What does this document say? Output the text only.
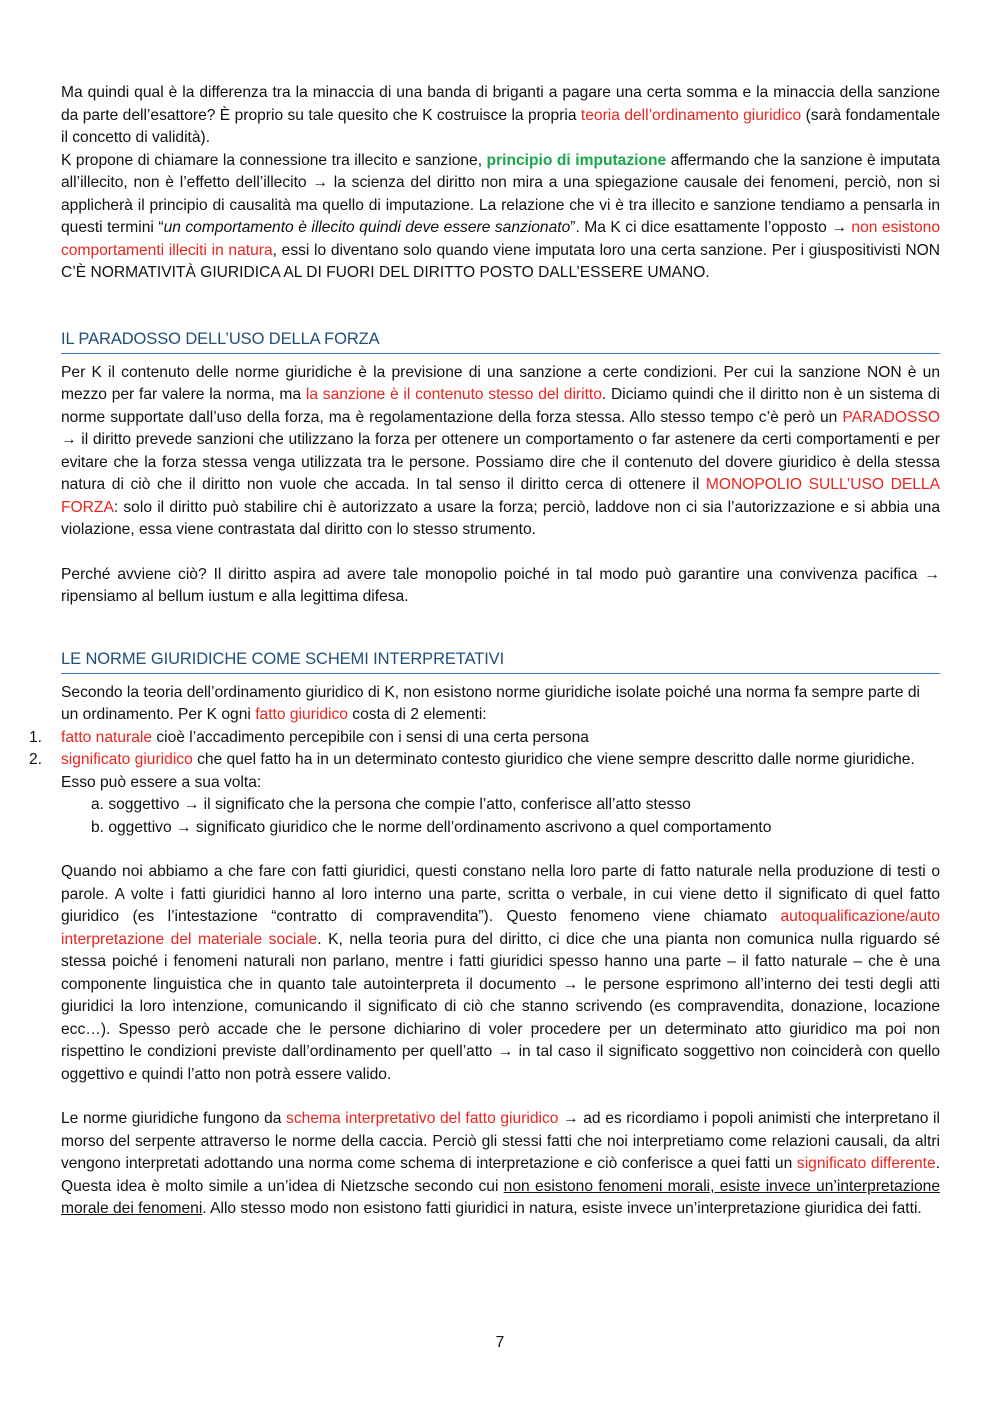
Ma quindi qual è la differenza tra la minaccia di una banda di briganti a pagare una certa somma e la minaccia della sanzione da parte dell’esattore? È proprio su tale quesito che K costruisce la propria teoria dell’ordinamento giuridico (sarà fondamentale il concetto di validità).

K propone di chiamare la connessione tra illecito e sanzione, principio di imputazione affermando che la sanzione è imputata all’illecito, non è l’effetto dell’illecito → la scienza del diritto non mira a una spiegazione causale dei fenomeni, perciò, non si applicherà il principio di causalità ma quello di imputazione. La relazione che vi è tra illecito e sanzione tendiamo a pensarla in questi termini “un comportamento è illecito quindi deve essere sanzionato”. Ma K ci dice esattamente l’opposto → non esistono comportamenti illeciti in natura, essi lo diventano solo quando viene imputata loro una certa sanzione. Per i giuspositivisti NON C’È NORMATIVITÀ GIURIDICA AL DI FUORI DEL DIRITTO POSTO DALL’ESSERE UMANO.

IL PARADOSSO DELL’USO DELLA FORZA

Per K il contenuto delle norme giuridiche è la previsione di una sanzione a certe condizioni. Per cui la sanzione NON è un mezzo per far valere la norma, ma la sanzione è il contenuto stesso del diritto. Diciamo quindi che il diritto non è un sistema di norme supportate dall’uso della forza, ma è regolamentazione della forza stessa. Allo stesso tempo c’è però un PARADOSSO → il diritto prevede sanzioni che utilizzano la forza per ottenere un comportamento o far astenere da certi comportamenti e per evitare che la forza stessa venga utilizzata tra le persone. Possiamo dire che il contenuto del dovere giuridico è della stessa natura di ciò che il diritto non vuole che accada. In tal senso il diritto cerca di ottenere il MONOPOLIO SULL’USO DELLA FORZA: solo il diritto può stabilire chi è autorizzato a usare la forza; perciò, laddove non ci sia l’autorizzazione e si abbia una violazione, essa viene contrastata dal diritto con lo stesso strumento.

Perché avviene ciò? Il diritto aspira ad avere tale monopolio poiché in tal modo può garantire una convivenza pacifica → ripensiamo al bellum iustum e alla legittima difesa.

LE NORME GIURIDICHE COME SCHEMI INTERPRETATIVI

Secondo la teoria dell’ordinamento giuridico di K, non esistono norme giuridiche isolate poiché una norma fa sempre parte di un ordinamento. Per K ogni fatto giuridico costa di 2 elementi:

1. fatto naturale cioè l’accadimento percepibile con i sensi di una certa persona

2. significato giuridico che quel fatto ha in un determinato contesto giuridico che viene sempre descritto dalle norme giuridiche. Esso può essere a sua volta:

a. soggettivo → il significato che la persona che compie l’atto, conferisce all’atto stesso

b. oggettivo → significato giuridico che le norme dell’ordinamento ascrivono a quel comportamento

Quando noi abbiamo a che fare con fatti giuridici, questi constano nella loro parte di fatto naturale nella produzione di testi o parole. A volte i fatti giuridici hanno al loro interno una parte, scritta o verbale, in cui viene detto il significato di quel fatto giuridico (es l’intestazione “contratto di compravendita”). Questo fenomeno viene chiamato autoqualificazione/auto interpretazione del materiale sociale. K, nella teoria pura del diritto, ci dice che una pianta non comunica nulla riguardo sé stessa poiché i fenomeni naturali non parlano, mentre i fatti giuridici spesso hanno una parte – il fatto naturale – che è una componente linguistica che in quanto tale autointerpreta il documento → le persone esprimono all’interno dei testi degli atti giuridici la loro intenzione, comunicando il significato di ciò che stanno scrivendo (es compravendita, donazione, locazione ecc…). Spesso però accade che le persone dichiarino di voler procedere per un determinato atto giuridico ma poi non rispettino le condizioni previste dall’ordinamento per quell’atto → in tal caso il significato soggettivo non coinciderà con quello oggettivo e quindi l’atto non potrà essere valido.

Le norme giuridiche fungono da schema interpretativo del fatto giuridico → ad es ricordiamo i popoli animisti che interpretano il morso del serpente attraverso le norme della caccia. Perciò gli stessi fatti che noi interpretiamo come relazioni causali, da altri vengono interpretati adottando una norma come schema di interpretazione e ciò conferisce a quei fatti un significato differente. Questa idea è molto simile a un’idea di Nietzsche secondo cui non esistono fenomeni morali, esiste invece un’interpretazione morale dei fenomeni. Allo stesso modo non esistono fatti giuridici in natura, esiste invece un’interpretazione giuridica dei fatti.

7
